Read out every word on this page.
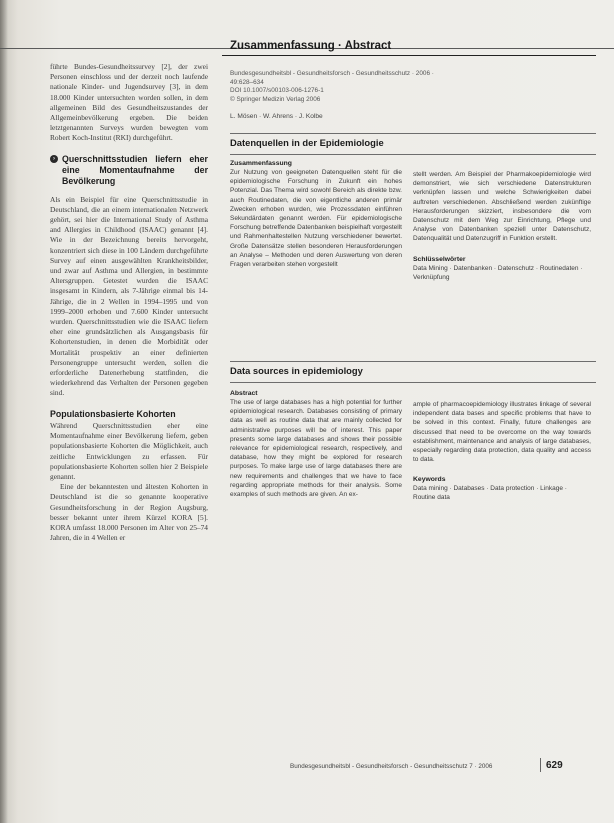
Zusammenfassung · Abstract

führte Bundes-Gesundheitssurvey [2], der zwei Personen einschloss und der derzeit noch laufende nationale Kinder- und Jugendsurvey [3], in dem 18.000 Kinder untersuchten worden sollen, in dem allgemeinen Bild des Gesundheitszustandes der Allgemeinbevölkerung ergeben. Die beiden letztgenannten Surveys wurden bewegten vom Robert Koch-Institut (RKI) durchgeführt.

› Querschnittsstudien liefern eher eine Momentaufnahme der Bevölkerung

Als ein Beispiel für eine Querschnittsstudie in Deutschland, die an einem internationalen Netzwerk gehört, sei hier die International Study of Asthma and Allergies in Childhood (ISAAC) genannt [4]. Wie in der Bezeichnung bereits hervorgeht, konzentriert sich diese in 100 Ländern durchgeführte Survey auf einen ausgewählten Krankheitsbilder, und zwar auf Asthma und Allergien, in bestimmte Altersgruppen. Getestet wurden die ISAAC insgesamt in Kindern, als 7-Jährige einmal bis 14-Jährige, die in 2 Wellen in 1994–1995 und von 1999–2000 erhoben und 7.600 Kinder untersucht wurden. Querschnittsstudien wie die ISAAC liefern eher eine grundsätzlichen als Ausgangsbasis für Kohortenstudien, in denen die Morbidität oder Mortalität prospektiv an einer definierten Personengruppe untersucht werden, sollen die erforderliche Datenerhebung stattfinden, die wiederkehrend das Verhalten der Personen gegeben sind.

Populationsbasierte Kohorten

Während Querschnittsstudien eher eine Momentaufnahme einer Bevölkerung liefern, geben populationsbasierte Kohorten die Möglichkeit, auch zeitliche Entwicklungen zu erfassen. Für populationsbasierte Kohorten sollen hier 2 Beispiele genannt.

Eine der bekanntesten und ältesten Kohorten in Deutschland ist die so genannte kooperative Gesundheitsforschung in der Region Augsburg, besser bekannt unter ihrem Kürzel KORA [5]. KORA umfasst 18.000 Personen im Alter von 25–74 Jahren, die in 4 Wellen er

Bundesgesundheitsbl - Gesundheitsforsch - Gesundheitsschutz · 2006 · 49:628–634
DOI 10.1007/s00103-006-1276-1
© Springer Medizin Verlag 2006
L. Mösen · W. Ahrens · J. Kolbe
Datenquellen in der Epidemiologie
Zusammenfassung
Zur Nutzung von geeigneten Datenquellen steht für die epidemiologische Forschung in Zukunft ein hohes Potenzial. Das Thema wird sowohl Bereich als direkte bzw. auch Routinedaten, die von eigentliche anderen primär Zwecken erhoben wurden, wie Prozessdaten einführen Sekundärdaten genannt werden. Für epidemiologische Forschung betreffende Datenbanken beispielhaft vorgestellt und Rahmenhaltestellen Nutzung verschiedener bewertet. Große Datensätze stellen besonderen Herausforderungen an Analyse – Methoden und deren Auswertung von deren Fragen verarbeiten stehen vorgestellt
stellt werden. Am Beispiel der Pharmakoepidemiologie wird demonstriert, wie sich verschiedene Datenstrukturen verknüpfen lassen und welche Schwierigkeiten dabei auftreten verschiedenen. Abschließend werden zukünftige Herausforderungen skizziert, insbesondere die vom Datenschutz mit dem Weg zur Einrichtung, Pflege und Analyse von Datenbanken speziell unter Datenschutz, Datenqualität und Datenzugriff in Funktion erstellt.
Schlüsselwörter
Data Mining · Datenbanken · Datenschutz · Routinedaten · Verknüpfung
Data sources in epidemiology
Abstract
The use of large databases has a high potential for further epidemiological research. Databases consisting of primary data as well as routine data that are mainly collected for administrative purposes will be of interest. This paper presents some large databases and shows their possible relevance for epidemiological research, respectively, and database, how they might be explored for research purposes. To make large use of large databases there are new requirements and challenges that we have to face regarding appropriate methods for their analysis. Some examples of such methods are given. An ex-
ample of pharmacoepidemiology illustrates linkage of several independent data bases and specific problems that have to be solved in this context. Finally, future challenges are discussed that need to be overcome on the way towards establishment, maintenance and analysis of large databases, especially regarding data protection, data quality and access to data.
Keywords
Data mining · Databases · Data protection · Linkage · Routine data
Bundesgesundheitsbl - Gesundheitsforsch - Gesundheitsschutz 7 · 2006	629
